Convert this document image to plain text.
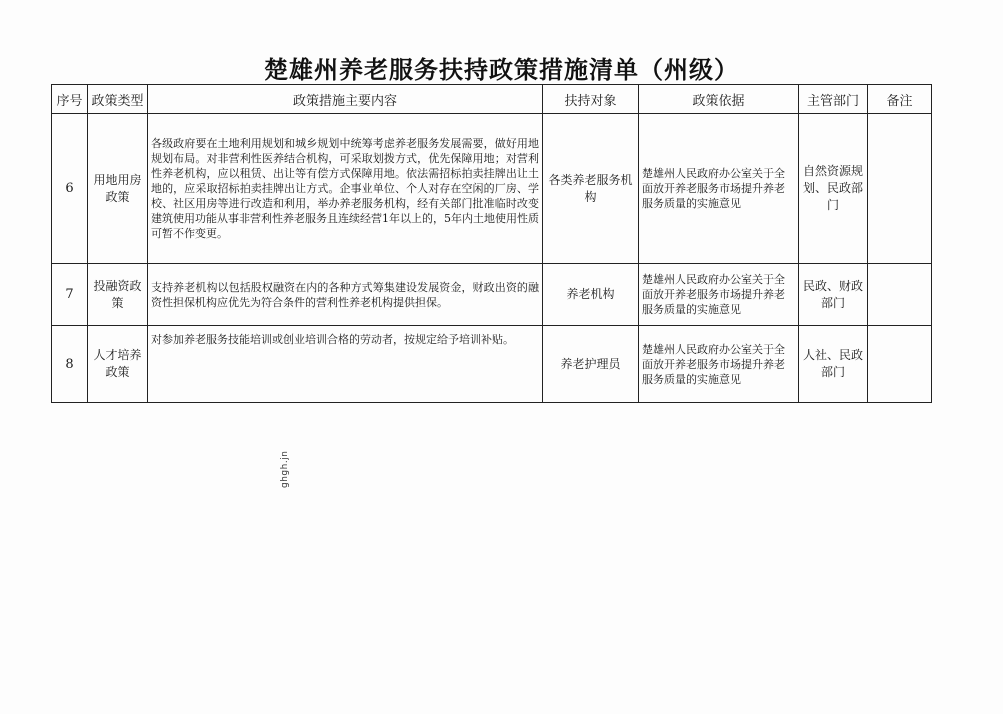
楚雄州养老服务扶持政策措施清单（州级）
序号	政策类型	政策措施主要内容	扶持对象	政策依据	主管部门	备注
6	用地用房政策	各级政府要在土地利用规划和城乡规划中统筹考虑养老服务发展需要，做好用地规划布局。对非营利性医养结合机构，可采取划拨方式，优先保障用地；对营利性养老机构，应以租赁、出让等有偿方式保障用地。依法需招标拍卖挂牌出让土地的，应采取招标拍卖挂牌出让方式。企事业单位、个人对存在空闲的厂房、学校、社区用房等进行改造和利用，举办养老服务机构，经有关部门批准临时改变建筑使用功能从事非营利性养老服务且连续经营1年以上的，5年内土地使用性质可暂不作变更。	各类养老服务机构	楚雄州人民政府办公室关于全面放开养老服务市场提升养老服务质量的实施意见	自然资源规划、民政部门	
7	投融资政策	支持养老机构以包括股权融资在内的各种方式筹集建设发展资金，财政出资的融资性担保机构应优先为符合条件的营利性养老机构提供担保。	养老机构	楚雄州人民政府办公室关于全面放开养老服务市场提升养老服务质量的实施意见	民政、财政部门	
8	人才培养政策	对参加养老服务技能培训或创业培训合格的劳动者，按规定给予培训补贴。	养老护理员	楚雄州人民政府办公室关于全面放开养老服务市场提升养老服务质量的实施意见	人社、民政部门	
ghgh.jn
